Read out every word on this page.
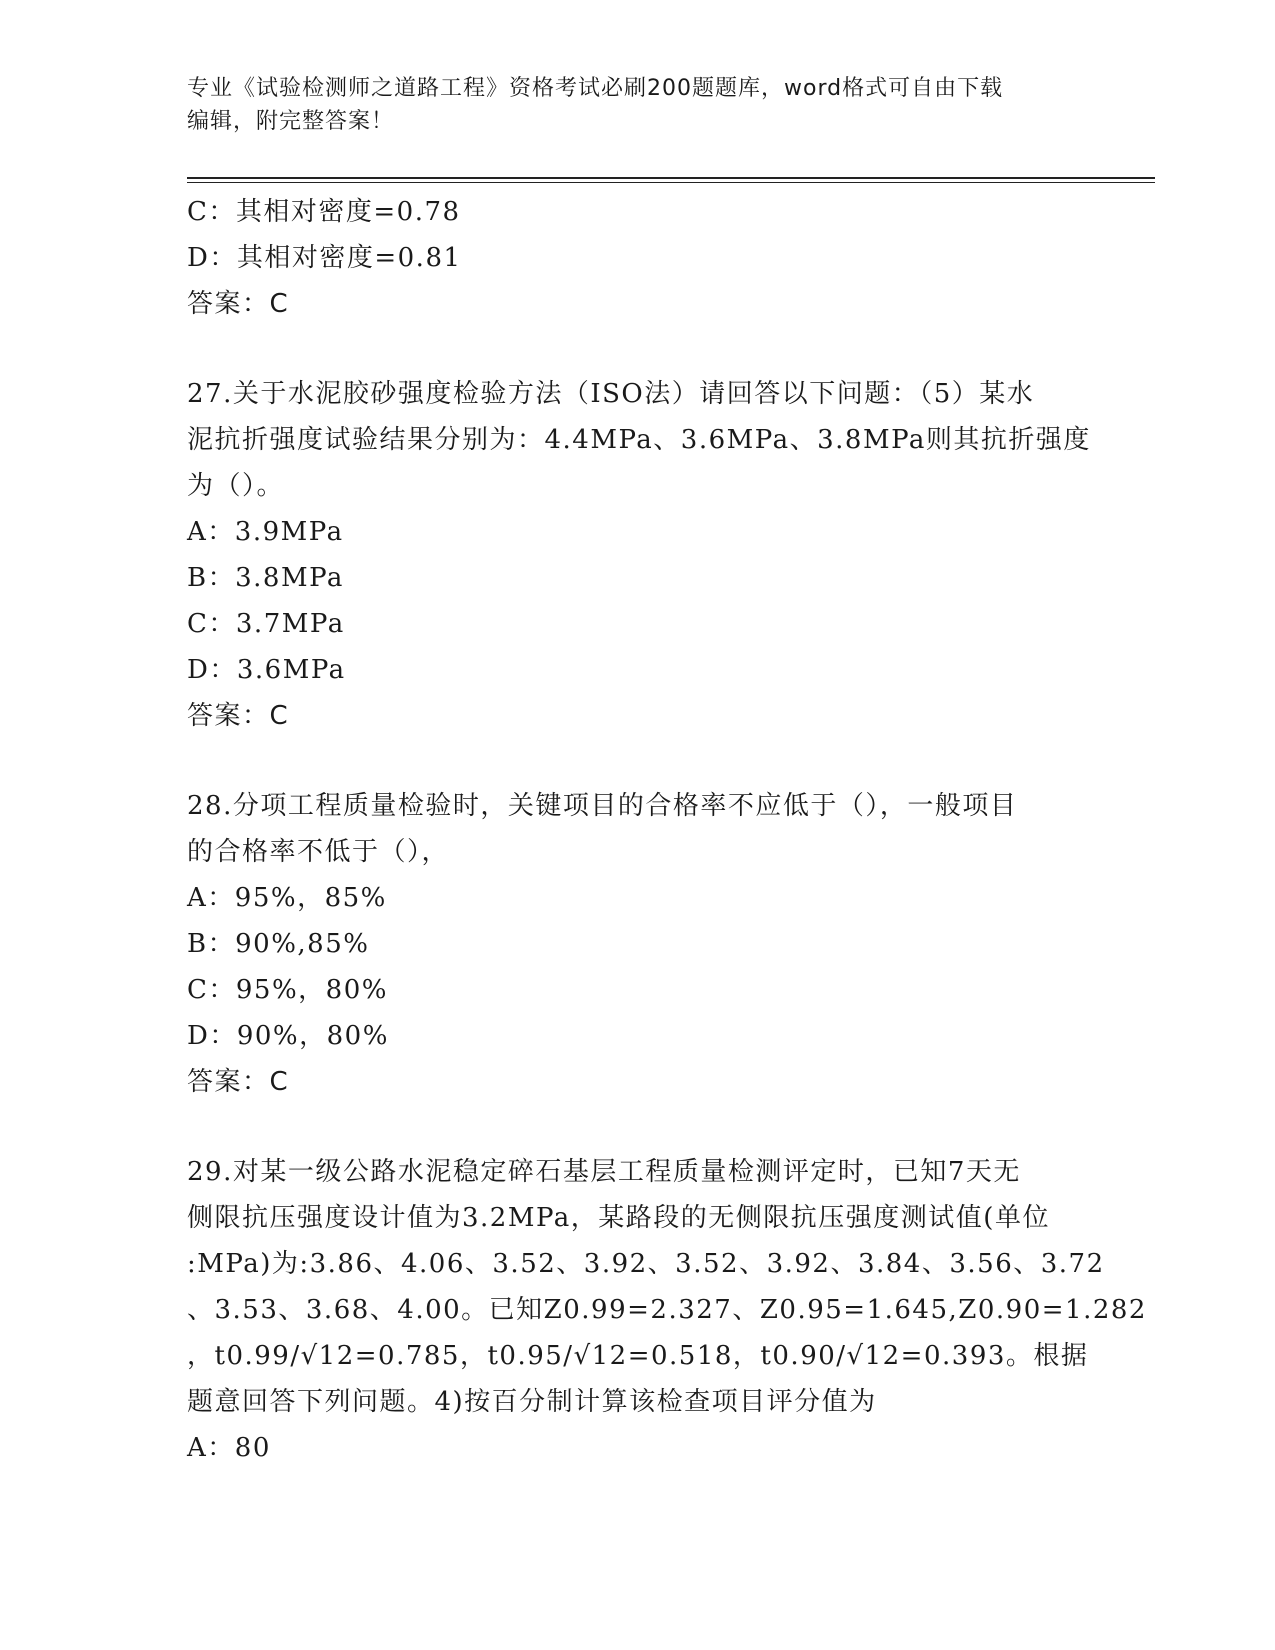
专业《试验检测师之道路工程》资格考试必刷200题题库，word格式可自由下载
编辑，附完整答案！
C：其相对密度=0.78
D：其相对密度=0.81
答案：C
27.关于水泥胶砂强度检验方法（ISO法）请回答以下问题：（5）某水
泥抗折强度试验结果分别为：4.4MPa、3.6MPa、3.8MPa则其抗折强度
为（）。
A：3.9MPa
B：3.8MPa
C：3.7MPa
D：3.6MPa
答案：C
28.分项工程质量检验时，关键项目的合格率不应低于（），一般项目
的合格率不低于（），
A：95%，85%
B：90%,85%
C：95%，80%
D：90%，80%
答案：C
29.对某一级公路水泥稳定碎石基层工程质量检测评定时，已知7天无
侧限抗压强度设计值为3.2MPa，某路段的无侧限抗压强度测试值(单位
:MPa)为:3.86、4.06、3.52、3.92、3.52、3.92、3.84、3.56、3.72
、3.53、3.68、4.00。已知Z0.99=2.327、Z0.95=1.645,Z0.90=1.282
，t0.99/√12=0.785，t0.95/√12=0.518，t0.90/√12=0.393。根据
题意回答下列问题。4)按百分制计算该检查项目评分值为
A：80
